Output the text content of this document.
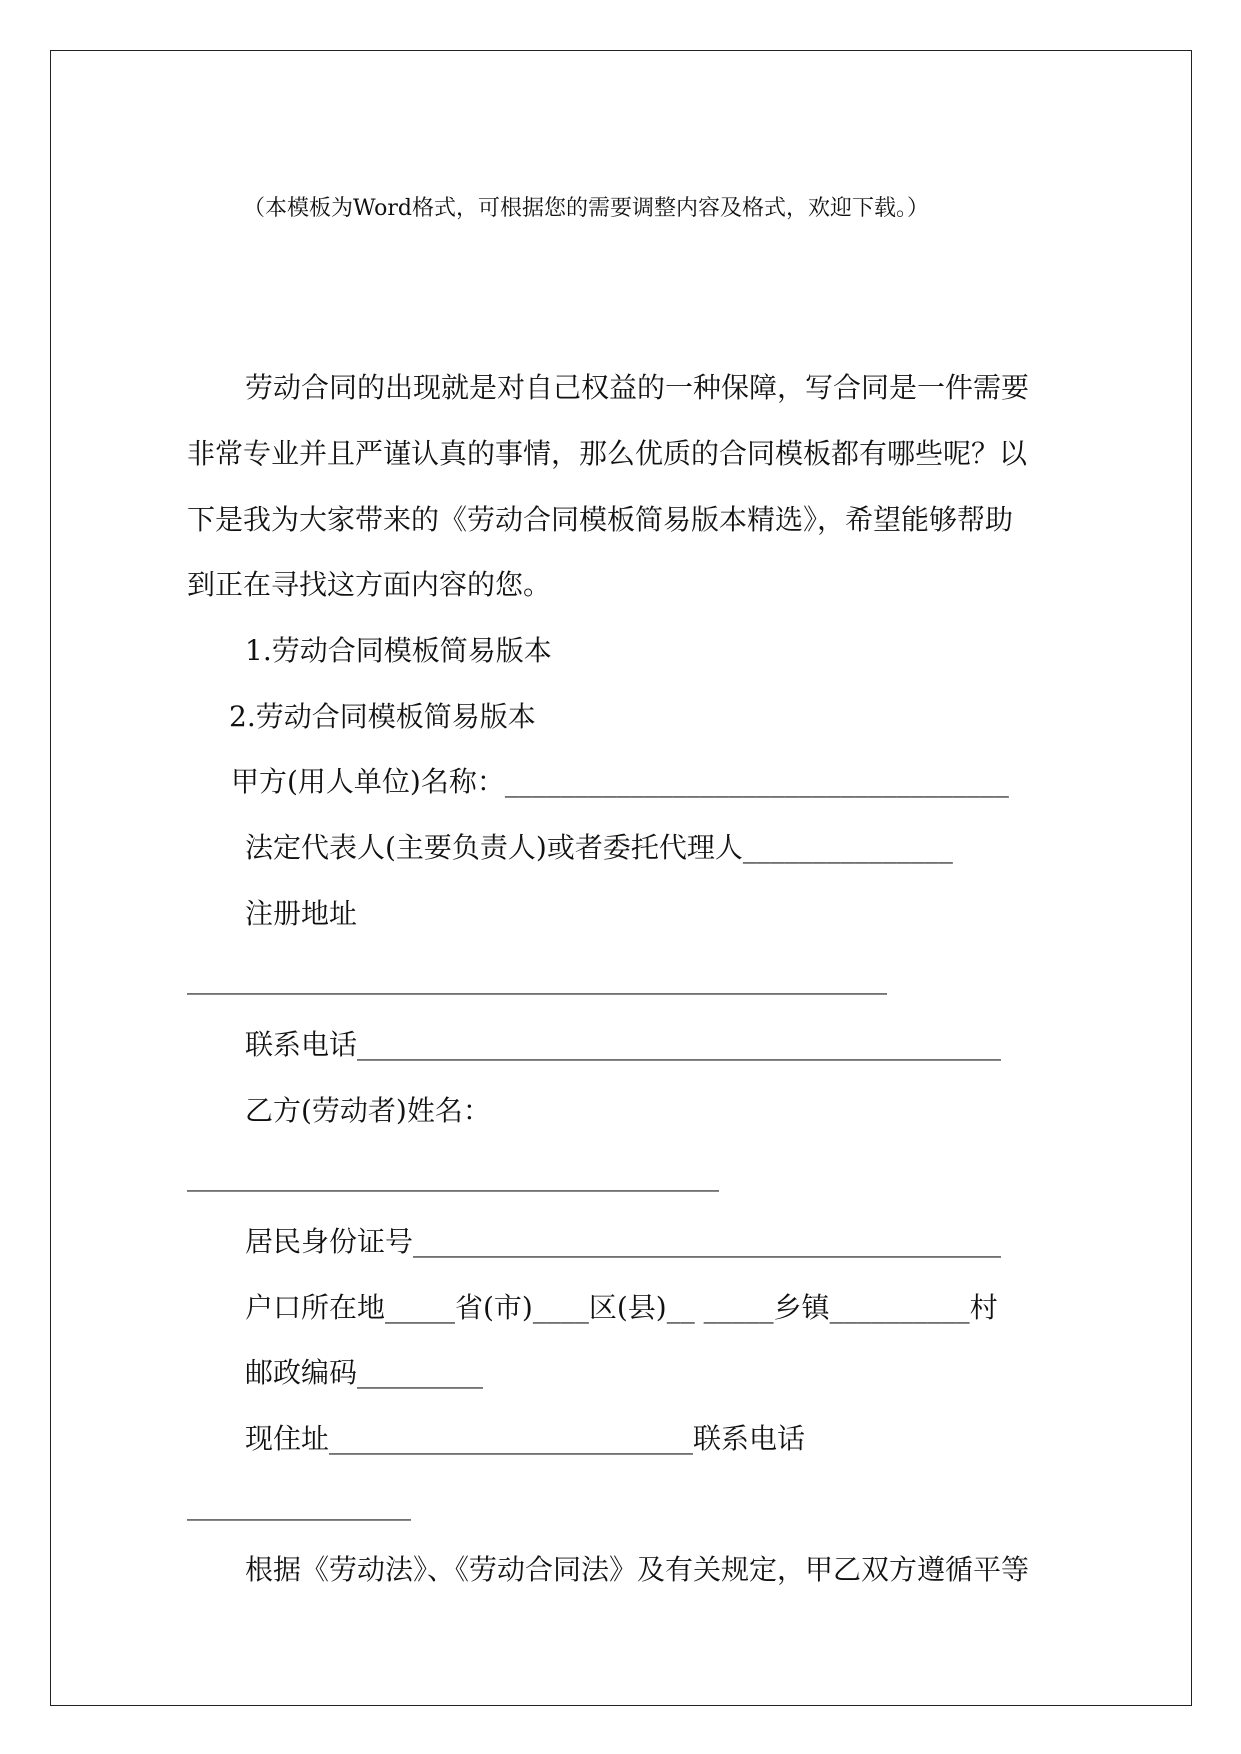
（本模板为Word格式，可根据您的需要调整内容及格式，欢迎下载。）
劳动合同的出现就是对自己权益的一种保障，写合同是一件需要
非常专业并且严谨认真的事情，那么优质的合同模板都有哪些呢？以
下是我为大家带来的《劳动合同模板简易版本精选》，希望能够帮助
到正在寻找这方面内容的您。
1.劳动合同模板简易版本
2.劳动合同模板简易版本
甲方(用人单位)名称：____________________________________
法定代表人(主要负责人)或者委托代理人_______________
注册地址
__________________________________________________
联系电话______________________________________________
乙方(劳动者)姓名：
______________________________________
居民身份证号__________________________________________
户口所在地_____省(市)____区(县)__ _____乡镇__________村
邮政编码_________
现住址__________________________联系电话
________________
根据《劳动法》、《劳动合同法》及有关规定，甲乙双方遵循平等
